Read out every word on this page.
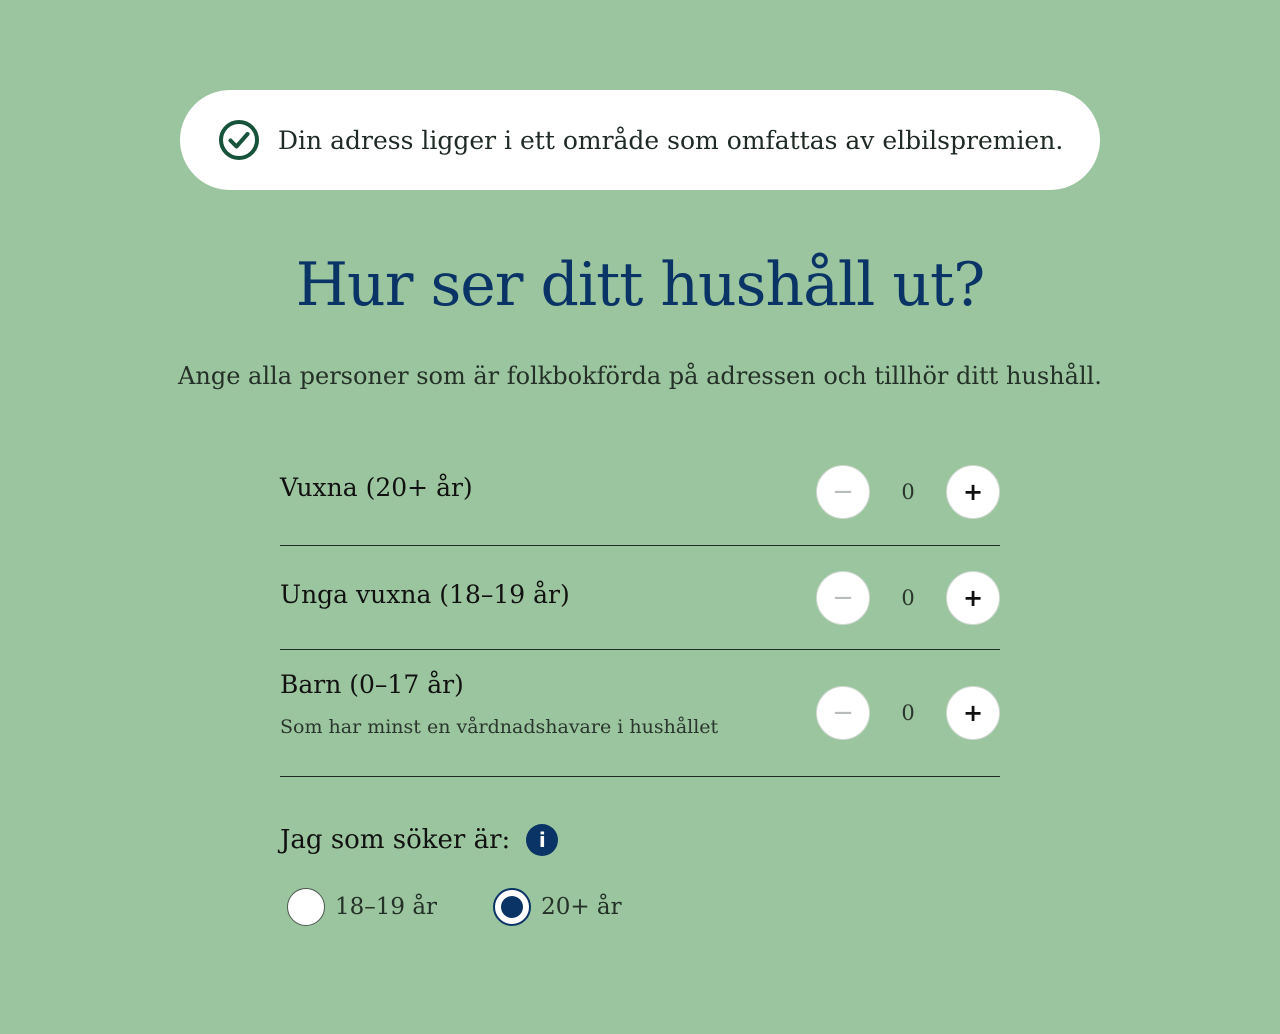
Din adress ligger i ett område som omfattas av elbilspremien.
Hur ser ditt hushåll ut?
Ange alla personer som är folkbokförda på adressen och tillhör ditt hushåll.
Vuxna (20+ år)	−	0	+
Unga vuxna (18–19 år)	−	0	+
Barn (0–17 år)
Som har minst en vårdnadshavare i hushållet	−	0	+
Jag som söker är:	i
18–19 år	20+ år
